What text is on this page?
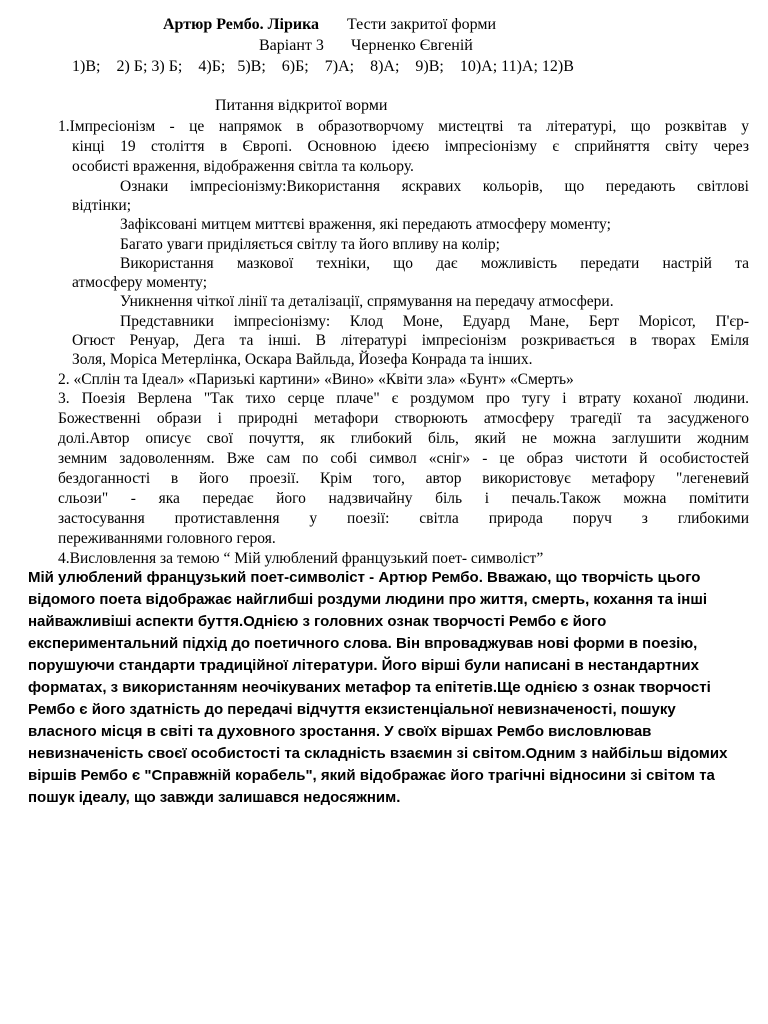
Артюр Рембо. Лірика Тести закритої форми
Варіант 3 Черненко Євгеній
1)В;    2) Б; 3) Б;    4)Б;   5)В;    6)Б;    7)А;    8)А;    9)В;    10)А; 11)А; 12)В
Питання відкритої ворми
1.Імпресіонізм - це напрямок в образотворчому мистецтві та літературі, що розквітав у
кінці 19 століття в Європі. Основною ідеєю імпресіонізму є сприйняття світу через
особисті враження, відображення світла та кольору.
Ознаки імпресіонізму:Використання яскравих кольорів, що передають світлові
відтінки;
Зафіксовані митцем миттєві враження, які передають атмосферу моменту;
Багато уваги приділяється світлу та його впливу на колір;
Використання мазкової техніки, що дає можливість передати настрій та
атмосферу моменту;
Уникнення чіткої лінії та деталізації, спрямування на передачу атмосфери.
Представники імпресіонізму: Клод Моне, Едуард Мане, Берт Морісот, П'єр-
Огюст Ренуар, Дега та інші. В літературі імпресіонізм розкривається в творах Еміля
Золя, Моріса Метерлінка, Оскара Вайльда, Йозефа Конрада та інших.
2. «Сплін та Ідеал» «Паризькі картини» «Вино» «Квіти зла» «Бунт» «Смерть»
3. Поезія Верлена "Так тихо серце плаче" є роздумом про тугу і втрату коханої людини.
Божественні образи і природні метафори створюють атмосферу трагедії та засудженого
долі.Автор описує свої почуття, як глибокий біль, який не можна заглушити жодним
земним задоволенням. Вже сам по собі символ «сніг» - це образ чистоти й особистостей
бездоганності в його проезії. Крім того, автор використовує метафору "легеневий
сльози" - яка передає його надзвичайну біль і печаль.Також можна помітити
застосування протиставлення у поезії: світла природа поруч з глибокими
переживаннями головного героя.
4.Висловлення за темою “ Мій улюблений французький поет- символіст”
Мій улюблений французький поет-символіст - Артюр Рембо. Вважаю, що творчість цього
відомого поета відображає найглибші роздуми людини про життя, смерть, кохання та інші
найважливіші аспекти буття.Однією з головних ознак творчості Рембо є його
експериментальний підхід до поетичного слова. Він впроваджував нові форми в поезію,
порушуючи стандарти традиційної літератури. Його вірші були написані в нестандартних
форматах, з використанням неочікуваних метафор та епітетів.Ще однією з ознак творчості
Рембо є його здатність до передачі відчуття екзистенціальної невизначеності, пошуку
власного місця в світі та духовного зростання. У своїх віршах Рембо висловлював
невизначеність своєї особистості та складність взаємин зі світом.Одним з найбільш відомих
віршів Рембо є "Справжній корабель", який відображає його трагічні відносини зі світом та
пошук ідеалу, що завжди залишався недосяжним.
